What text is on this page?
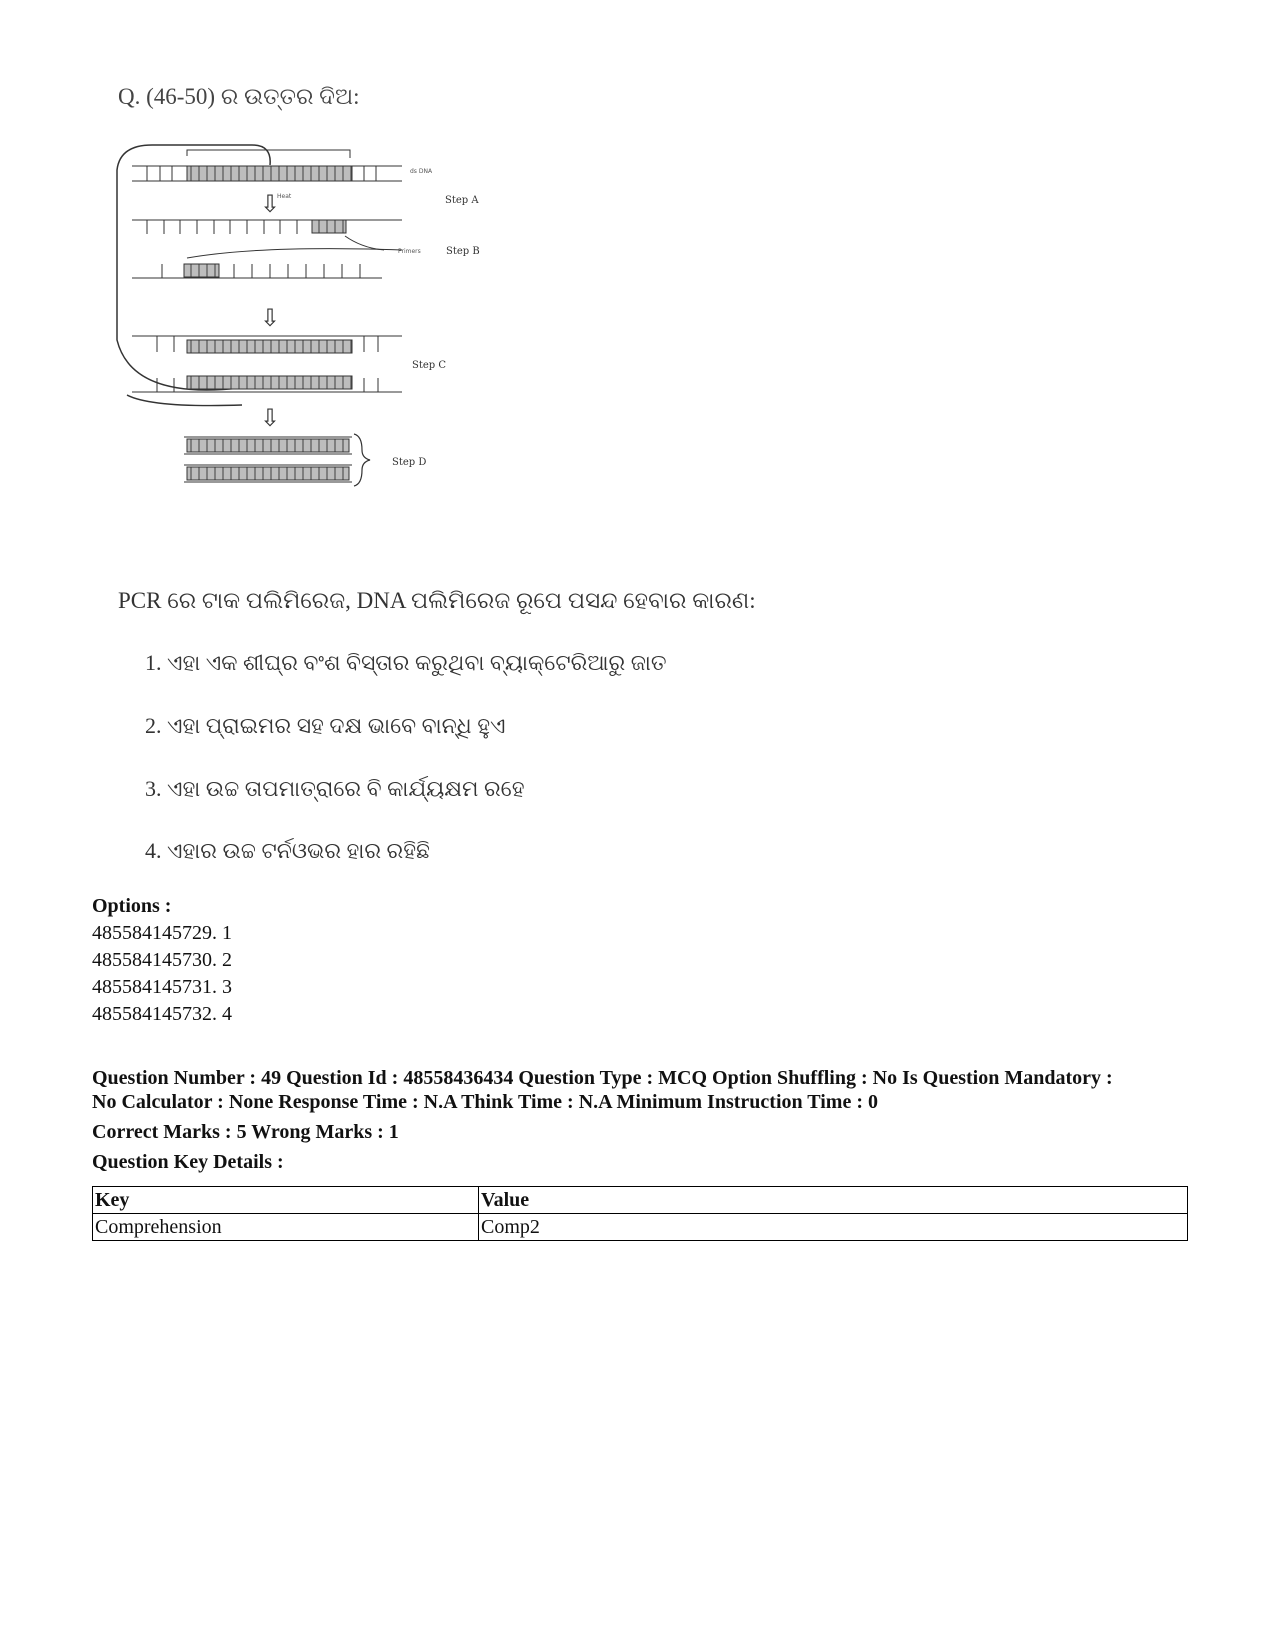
Q. (46-50) ର ଉତ୍ତର ଦିଅ:
ds DNA
⇩
Heat	Step A
Primers	Step B
⇩
Step C
⇩
Step D
PCR ରେ ଟାକ ପଲିମିରେଜ, DNA ପଲିମିରେଜ ରୂପେ ପସନ୍ଦ ହେବାର କାରଣ:
1. ଏହା ଏକ ଶୀଘ୍ର ବଂଶ ବିସ୍ତାର କରୁଥିବା ବ୍ୟାକ୍ଟେରିଆରୁ ଜାତ
2. ଏହା ପ୍ରାଇମର ସହ ଦକ୍ଷ ଭାବେ ବାନ୍ଧି ହୁଏ
3. ଏହା ଉଚ୍ଚ ତାପମାତ୍ରାରେ ବି କାର୍ଯ୍ୟକ୍ଷମ ରହେ
4. ଏହାର ଉଚ୍ଚ ଟର୍ନଓଭର ହାର ରହିଛି
Options :
485584145729. 1
485584145730. 2
485584145731. 3
485584145732. 4
Question Number : 49 Question Id : 48558436434 Question Type : MCQ Option Shuffling : No Is Question Mandatory :
No Calculator : None Response Time : N.A Think Time : N.A Minimum Instruction Time : 0
Correct Marks : 5 Wrong Marks : 1
Question Key Details :
Key	Value
Comprehension	Comp2
